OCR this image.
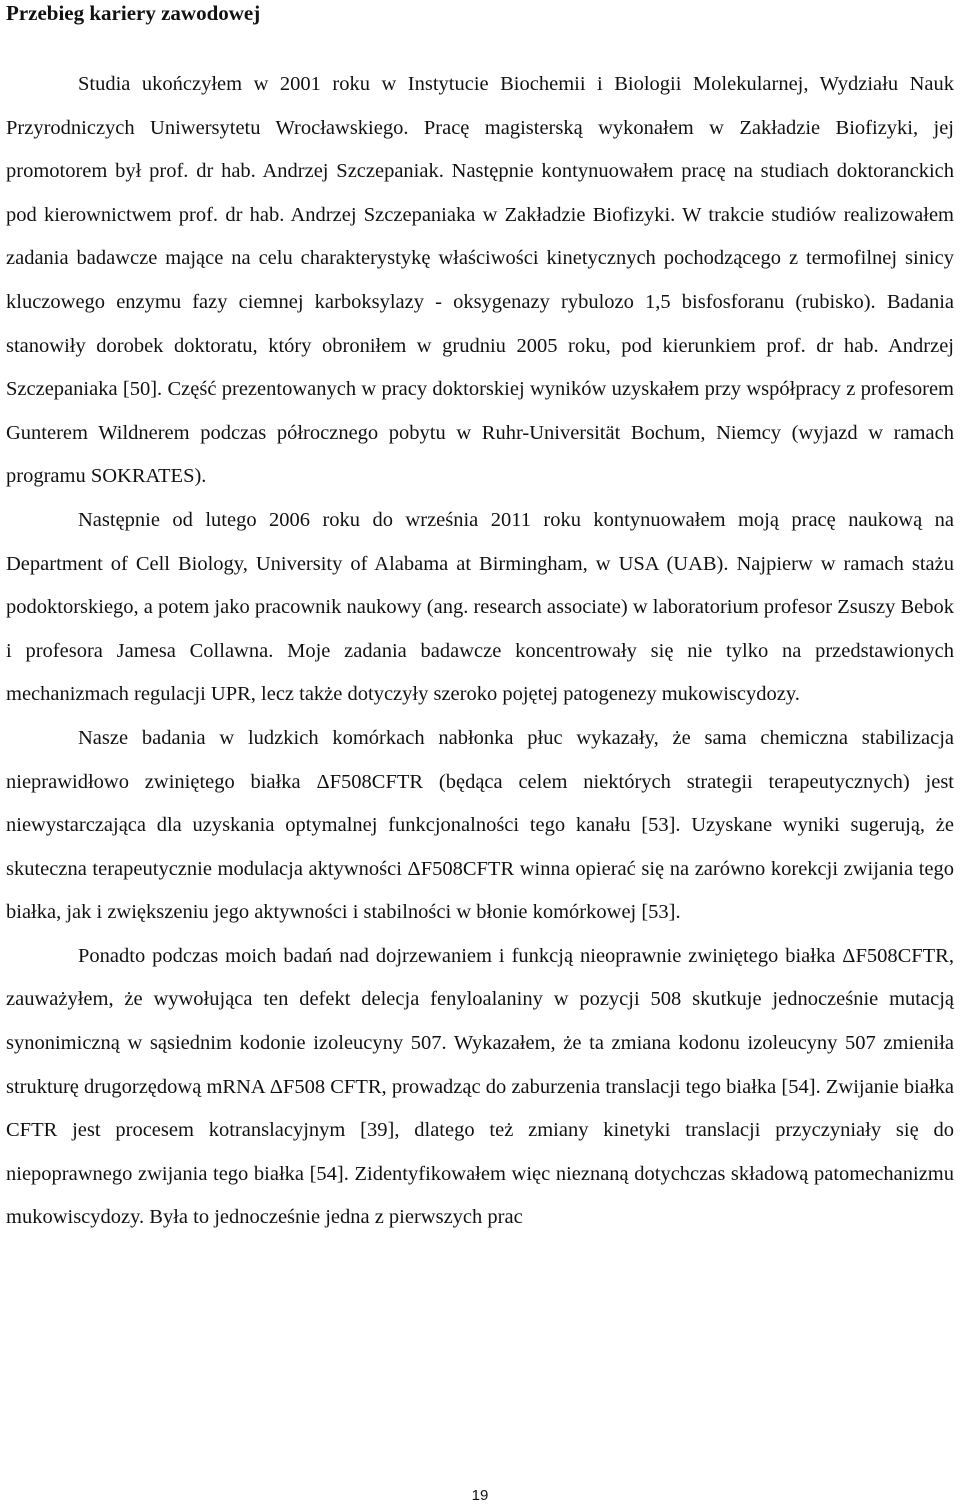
Przebieg kariery zawodowej

Studia ukończyłem w 2001 roku w Instytucie Biochemii i Biologii Molekularnej, Wydziału Nauk Przyrodniczych Uniwersytetu Wrocławskiego. Pracę magisterską wykonałem w Zakładzie Biofizyki, jej promotorem był prof. dr hab. Andrzej Szczepaniak. Następnie kontynuowałem pracę na studiach doktoranckich pod kierownictwem prof. dr hab. Andrzej Szczepaniaka w Zakładzie Biofizyki. W trakcie studiów realizowałem zadania badawcze mające na celu charakterystykę właściwości kinetycznych pochodzącego z termofilnej sinicy kluczowego enzymu fazy ciemnej karboksylazy - oksygenazy rybulozo 1,5 bisfosforanu (rubisko). Badania stanowiły dorobek doktoratu, który obroniłem w grudniu 2005 roku, pod kierunkiem prof. dr hab. Andrzej Szczepaniaka [50]. Część prezentowanych w pracy doktorskiej wyników uzyskałem przy współpracy z profesorem Gunterem Wildnerem podczas półrocznego pobytu w Ruhr-Universität Bochum, Niemcy (wyjazd w ramach programu SOKRATES).

Następnie od lutego 2006 roku do września 2011 roku kontynuowałem moją pracę naukową na Department of Cell Biology, University of Alabama at Birmingham, w USA (UAB). Najpierw w ramach stażu podoktorskiego, a potem jako pracownik naukowy (ang. research associate) w laboratorium profesor Zsuszy Bebok i profesora Jamesa Collawna. Moje zadania badawcze koncentrowały się nie tylko na przedstawionych mechanizmach regulacji UPR, lecz także dotyczyły szeroko pojętej patogenezy mukowiscydozy.

Nasze badania w ludzkich komórkach nabłonka płuc wykazały, że sama chemiczna stabilizacja nieprawidłowo zwiniętego białka ΔF508CFTR (będąca celem niektórych strategii terapeutycznych) jest niewystarczająca dla uzyskania optymalnej funkcjonalności tego kanału [53]. Uzyskane wyniki sugerują, że skuteczna terapeutycznie modulacja aktywności ΔF508CFTR winna opierać się na zarówno korekcji zwijania tego białka, jak i zwiększeniu jego aktywności i stabilności w błonie komórkowej [53].

Ponadto podczas moich badań nad dojrzewaniem i funkcją nieoprawnie zwiniętego białka ΔF508CFTR, zauważyłem, że wywołująca ten defekt delecja fenyloalaniny w pozycji 508 skutkuje jednocześnie mutacją synonimiczną w sąsiednim kodonie izoleucyny 507. Wykazałem, że ta zmiana kodonu izoleucyny 507 zmieniła strukturę drugorzędową mRNA ΔF508 CFTR, prowadząc do zaburzenia translacji tego białka [54]. Zwijanie białka CFTR jest procesem kotranslacyjnym [39], dlatego też zmiany kinetyki translacji przyczyniały się do niepoprawnego zwijania tego białka [54]. Zidentyfikowałem więc nieznaną dotychczas składową patomechanizmu mukowiscydozy. Była to jednocześnie jedna z pierwszych prac

19
